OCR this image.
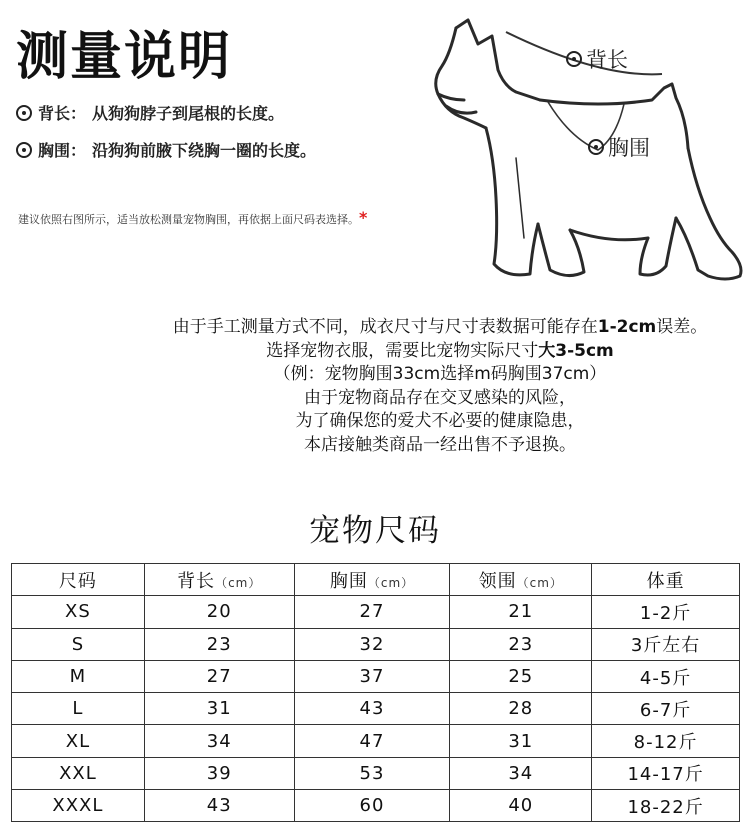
测量说明
背长： 从狗狗脖子到尾根的长度。
胸围： 沿狗狗前腋下绕胸一圈的长度。
建议依照右图所示，适当放松测量宠物胸围，再依据上面尺码表选择。*
背长
胸围
由于手工测量方式不同，成衣尺寸与尺寸表数据可能存在1-2cm误差。
选择宠物衣服，需要比宠物实际尺寸大3-5cm
（例：宠物胸围33cm选择m码胸围37cm）
由于宠物商品存在交叉感染的风险，
为了确保您的爱犬不必要的健康隐患，
本店接触类商品一经出售不予退换。
宠物尺码
尺码	背长（cm）	胸围（cm）	领围（cm）	体重
XS	20	27	21	1-2斤
S	23	32	23	3斤左右
M	27	37	25	4-5斤
L	31	43	28	6-7斤
XL	34	47	31	8-12斤
XXL	39	53	34	14-17斤
XXXL	43	60	40	18-22斤
